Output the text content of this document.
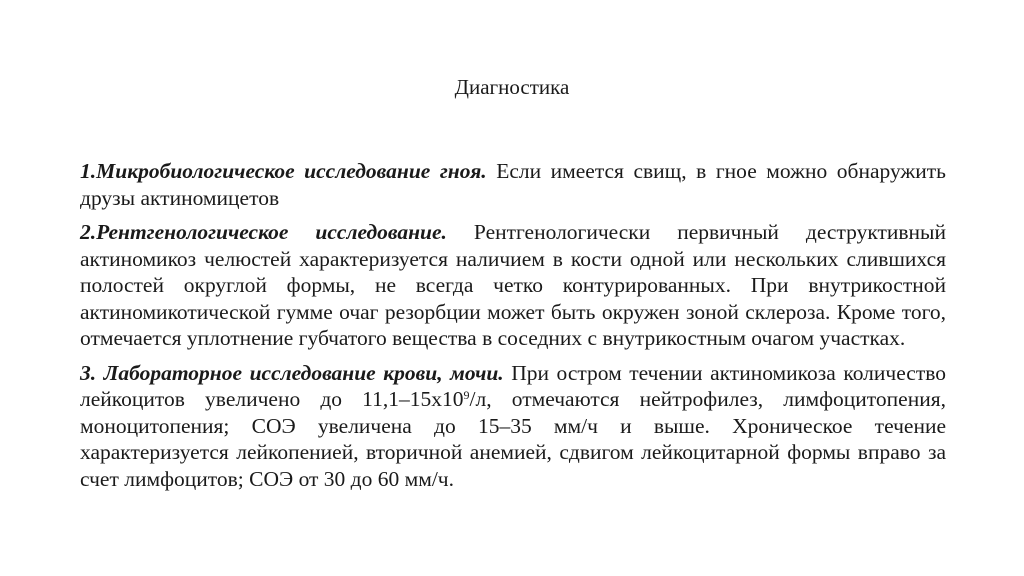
Диагностика

1.Микробиологическое исследование гноя. Если имеется свищ, в гное можно обнаружить друзы актиномицетов

2.Рентгенологическое исследование. Рентгенологически первичный деструктивный актиномикоз челюстей характеризуется наличием в кости одной или нескольких слившихся полостей округлой формы, не всегда четко контурированных. При внутрикостной актиномикотической гумме очаг резорбции может быть окружен зоной склероза. Кроме того, отмечается уплотнение губчатого вещества в соседних с внутрикостным очагом участках.

3. Лабораторное исследование крови, мочи. При остром течении актиномикоза количество лейкоцитов увеличено до $11,1-15х10^9/л$, отмечаются нейтрофилез, лимфоцитопения, моноцитопения; СОЭ увеличена до 15–35 мм/ч и выше. Хроническое течение характеризуется лейкопенией, вторичной анемией, сдвигом лейкоцитарной формы вправо за счет лимфоцитов; СОЭ от 30 до 60 мм/ч.
